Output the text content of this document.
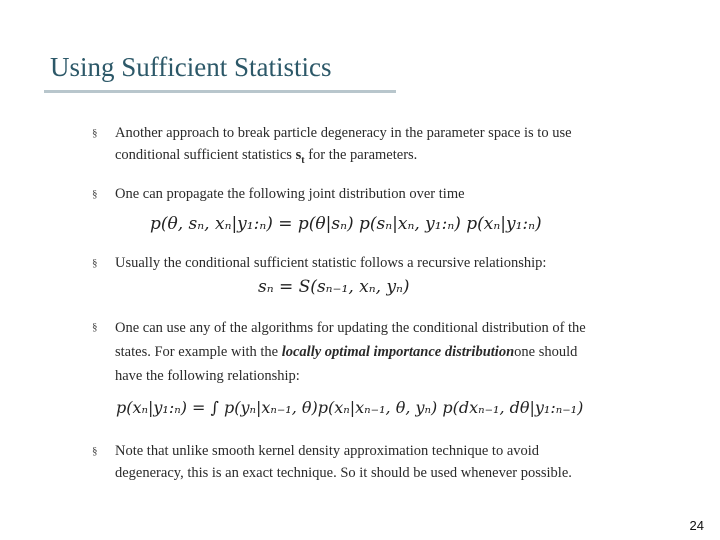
Using Sufficient Statistics
§ Another approach to break particle degeneracy in the parameter space is to use
conditional sufficient statistics $s_t$ for the parameters.
§ One can propagate the following joint distribution over time
p(θ, sₙ, xₙ|y₁:ₙ) = p(θ|sₙ) p(sₙ|xₙ, y₁:ₙ) p(xₙ|y₁:ₙ)
§ Usually the conditional sufficient statistic follows a recursive relationship:
sₙ = S(sₙ₋₁, xₙ, yₙ)
§ One can use any of the algorithms for updating the conditional distribution of the
states. For example with the locally optimal importance distributionone should
have the following relationship:
p(xₙ|y₁:ₙ) = ∫ p(yₙ|xₙ₋₁, θ)p(xₙ|xₙ₋₁, θ, yₙ) p(dxₙ₋₁, dθ|y₁:ₙ₋₁)
§ Note that unlike smooth kernel density approximation technique to avoid
degeneracy, this is an exact technique. So it should be used whenever possible.
24
